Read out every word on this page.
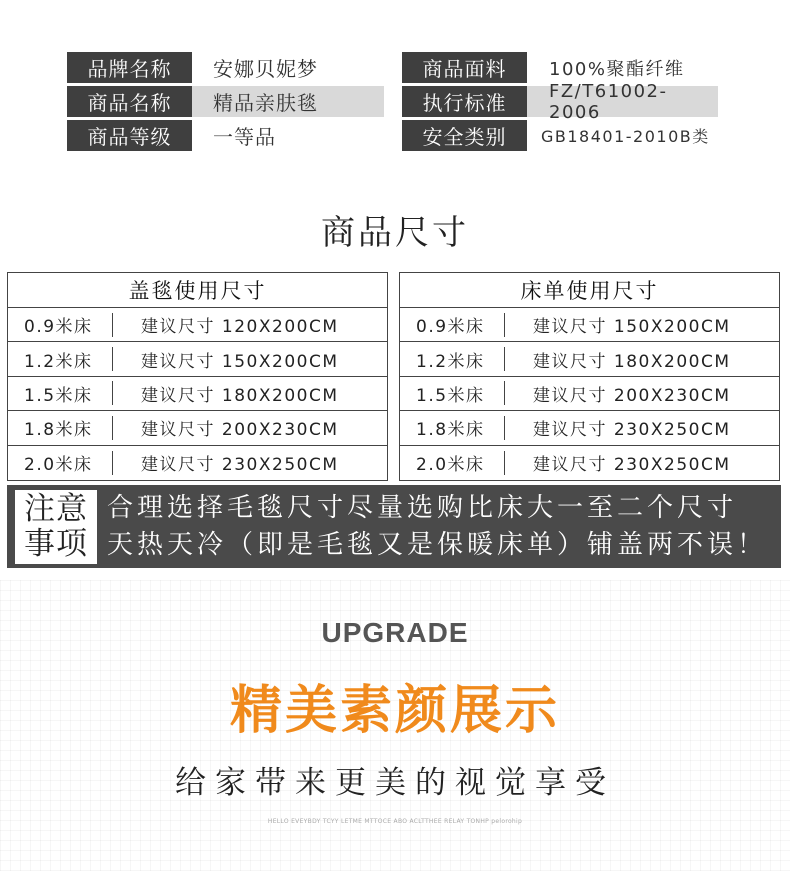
品牌名称	安娜贝妮梦
商品名称	精品亲肤毯
商品等级	一等品
商品面料	100%聚酯纤维
执行标准	FZ/T61002-2006
安全类别	GB18401-2010B类
商品尺寸
盖毯使用尺寸
0.9米床	建议尺寸 120X200CM
1.2米床	建议尺寸 150X200CM
1.5米床	建议尺寸 180X200CM
1.8米床	建议尺寸 200X230CM
2.0米床	建议尺寸 230X250CM
床单使用尺寸
0.9米床	建议尺寸 150X200CM
1.2米床	建议尺寸 180X200CM
1.5米床	建议尺寸 200X230CM
1.8米床	建议尺寸 230X250CM
2.0米床	建议尺寸 230X250CM
注意
事项
合理选择毛毯尺寸尽量选购比床大一至二个尺寸
天热天冷（即是毛毯又是保暖床单）铺盖两不误！
UPGRADE
精美素颜展示
给家带来更美的视觉享受
HELLO EVEYBDY TCYY LETME MTTOCE ABO ACLTTHEE RELAY TONHP pelorohip
